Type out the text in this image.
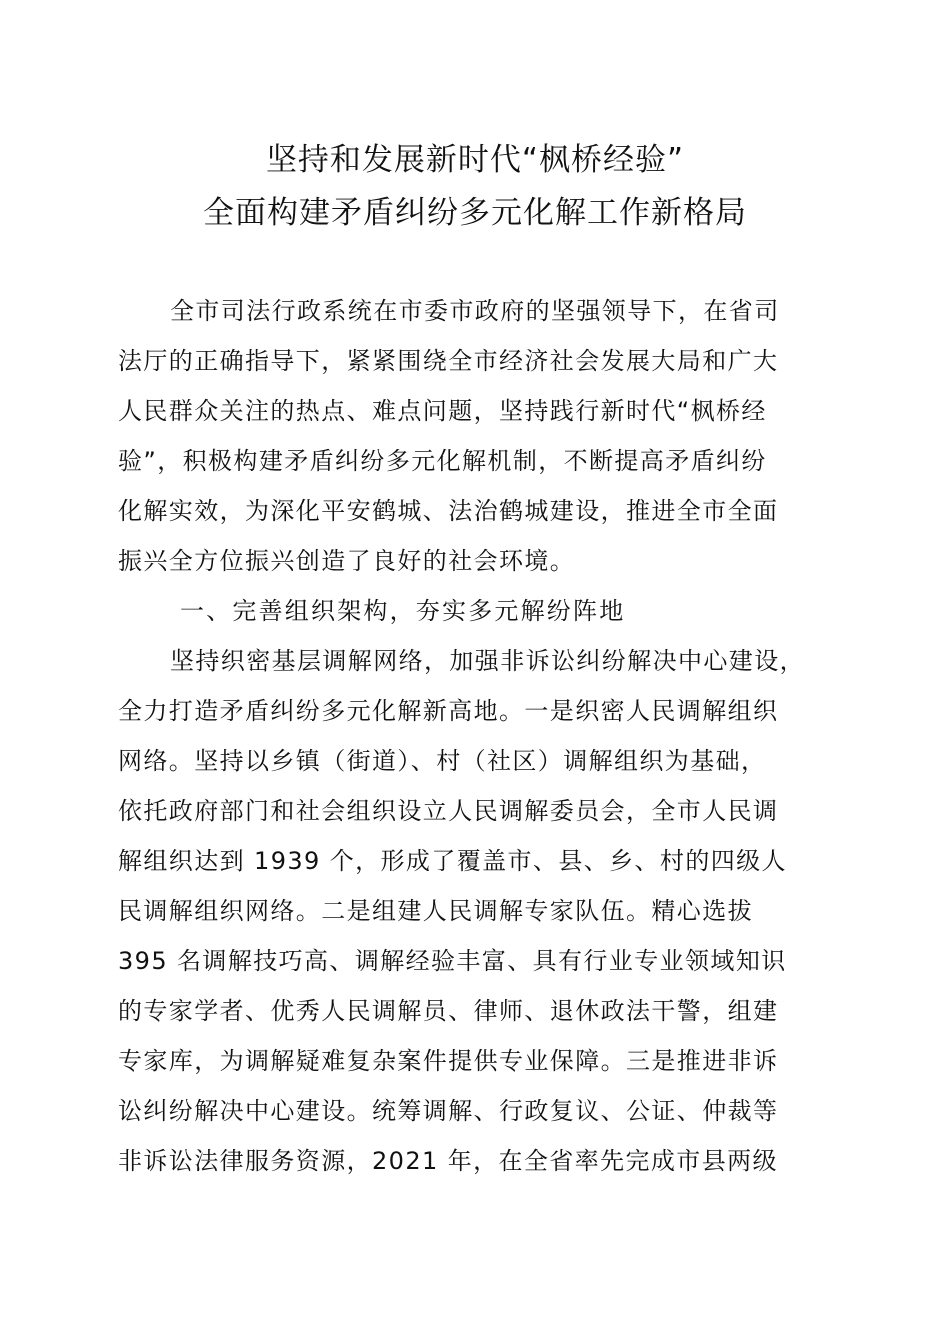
坚持和发展新时代“枫桥经验”
全面构建矛盾纠纷多元化解工作新格局
全市司法行政系统在市委市政府的坚强领导下，在省司
法厅的正确指导下，紧紧围绕全市经济社会发展大局和广大
人民群众关注的热点、难点问题，坚持践行新时代“枫桥经
验”，积极构建矛盾纠纷多元化解机制，不断提高矛盾纠纷
化解实效，为深化平安鹤城、法治鹤城建设，推进全市全面
振兴全方位振兴创造了良好的社会环境。
一、完善组织架构，夯实多元解纷阵地
坚持织密基层调解网络，加强非诉讼纠纷解决中心建设，
全力打造矛盾纠纷多元化解新高地。一是织密人民调解组织
网络。坚持以乡镇（街道）、村（社区）调解组织为基础，
依托政府部门和社会组织设立人民调解委员会，全市人民调
解组织达到 1939 个，形成了覆盖市、县、乡、村的四级人
民调解组织网络。二是组建人民调解专家队伍。精心选拔
395 名调解技巧高、调解经验丰富、具有行业专业领域知识
的专家学者、优秀人民调解员、律师、退休政法干警，组建
专家库，为调解疑难复杂案件提供专业保障。三是推进非诉
讼纠纷解决中心建设。统筹调解、行政复议、公证、仲裁等
非诉讼法律服务资源，2021 年，在全省率先完成市县两级
